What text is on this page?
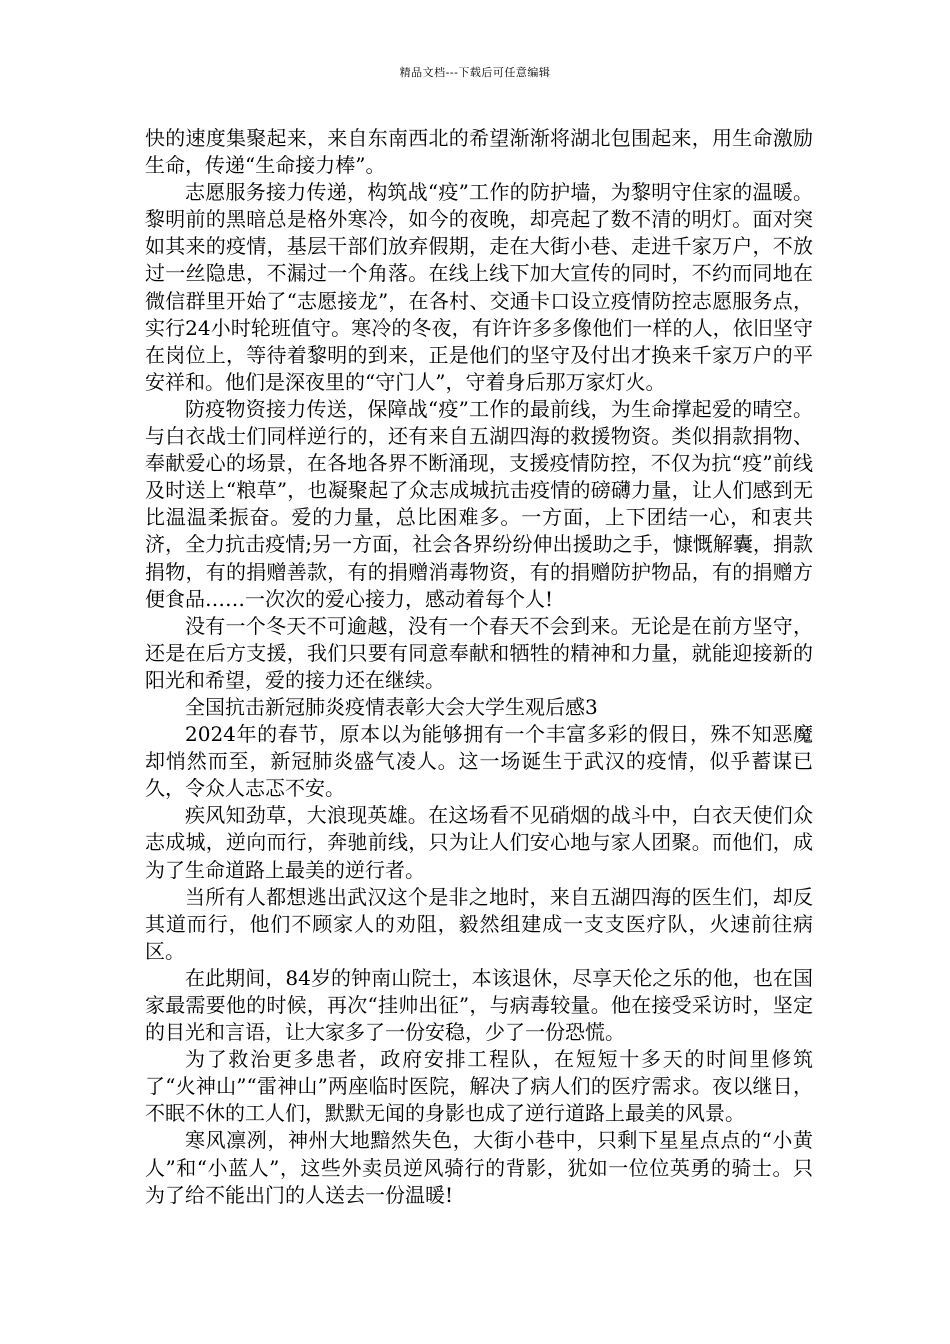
精品文档---下载后可任意编辑

快的速度集聚起来，来自东南西北的希望渐渐将湖北包围起来，用生命激励生命，传递“生命接力棒”。

志愿服务接力传递，构筑战“疫”工作的防护墙，为黎明守住家的温暖。黎明前的黑暗总是格外寒冷，如今的夜晚，却亮起了数不清的明灯。面对突如其来的疫情，基层干部们放弃假期，走在大街小巷、走进千家万户，不放过一丝隐患，不漏过一个角落。在线上线下加大宣传的同时，不约而同地在微信群里开始了“志愿接龙”，在各村、交通卡口设立疫情防控志愿服务点，实行24小时轮班值守。寒冷的冬夜，有许许多多像他们一样的人，依旧坚守在岗位上，等待着黎明的到来，正是他们的坚守及付出才换来千家万户的平安祥和。他们是深夜里的“守门人”，守着身后那万家灯火。

防疫物资接力传送，保障战“疫”工作的最前线，为生命撑起爱的晴空。与白衣战士们同样逆行的，还有来自五湖四海的救援物资。类似捐款捐物、奉献爱心的场景，在各地各界不断涌现，支援疫情防控，不仅为抗“疫”前线及时送上“粮草”，也凝聚起了众志成城抗击疫情的磅礴力量，让人们感到无比温温柔振奋。爱的力量，总比困难多。一方面，上下团结一心，和衷共济，全力抗击疫情;另一方面，社会各界纷纷伸出援助之手，慷慨解囊，捐款捐物，有的捐赠善款，有的捐赠消毒物资，有的捐赠防护物品，有的捐赠方便食品……一次次的爱心接力，感动着每个人!

没有一个冬天不可逾越，没有一个春天不会到来。无论是在前方坚守，还是在后方支援，我们只要有同意奉献和牺牲的精神和力量，就能迎接新的阳光和希望，爱的接力还在继续。

全国抗击新冠肺炎疫情表彰大会大学生观后感3

2024年的春节，原本以为能够拥有一个丰富多彩的假日，殊不知恶魔却悄然而至，新冠肺炎盛气凌人。这一场诞生于武汉的疫情，似乎蓄谋已久，令众人志忑不安。

疾风知劲草，大浪现英雄。在这场看不见硝烟的战斗中，白衣天使们众志成城，逆向而行，奔驰前线，只为让人们安心地与家人团聚。而他们，成为了生命道路上最美的逆行者。

当所有人都想逃出武汉这个是非之地时，来自五湖四海的医生们，却反其道而行，他们不顾家人的劝阻，毅然组建成一支支医疗队，火速前往病区。

在此期间，84岁的钟南山院士，本该退休，尽享天伦之乐的他，也在国家最需要他的时候，再次“挂帅出征”，与病毒较量。他在接受采访时，坚定的目光和言语，让大家多了一份安稳，少了一份恐慌。

为了救治更多患者，政府安排工程队，在短短十多天的时间里修筑了“火神山”“雷神山”两座临时医院，解决了病人们的医疗需求。夜以继日，不眠不休的工人们，默默无闻的身影也成了逆行道路上最美的风景。

寒风凛冽，神州大地黯然失色，大街小巷中，只剩下星星点点的“小黄人”和“小蓝人”，这些外卖员逆风骑行的背影，犹如一位位英勇的骑士。只为了给不能出门的人送去一份温暖!
